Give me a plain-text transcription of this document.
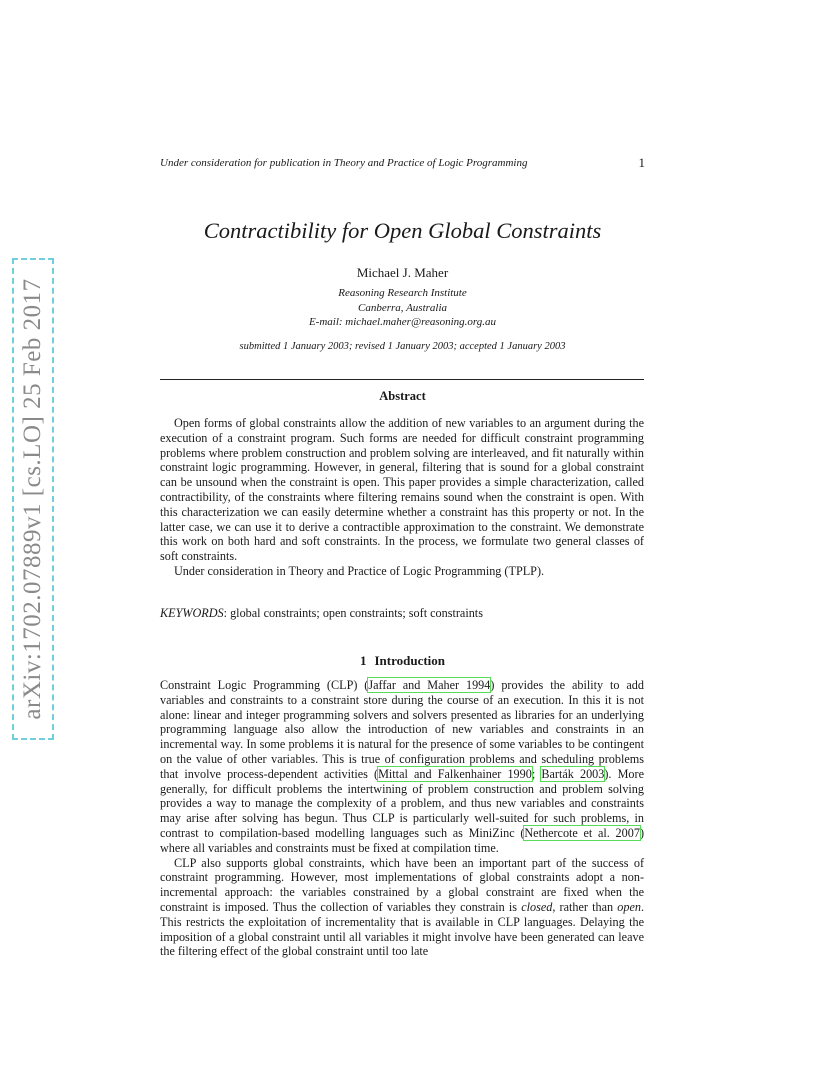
arXiv:1702.07889v1 [cs.LO] 25 Feb 2017
Under consideration for publication in Theory and Practice of Logic Programming	1
Contractibility for Open Global Constraints
Michael J. Maher
Reasoning Research Institute
Canberra, Australia
E-mail: michael.maher@reasoning.org.au
submitted 1 January 2003; revised 1 January 2003; accepted 1 January 2003
Abstract

Open forms of global constraints allow the addition of new variables to an argument during the execution of a constraint program. Such forms are needed for difficult constraint programming problems where problem construction and problem solving are interleaved, and fit naturally within constraint logic programming. However, in general, filtering that is sound for a global constraint can be unsound when the constraint is open. This paper provides a simple characterization, called contractibility, of the constraints where filtering remains sound when the constraint is open. With this characterization we can easily determine whether a constraint has this property or not. In the latter case, we can use it to derive a contractible approximation to the constraint. We demonstrate this work on both hard and soft constraints. In the process, we formulate two general classes of soft constraints.

Under consideration in Theory and Practice of Logic Programming (TPLP).

KEYWORDS: global constraints; open constraints; soft constraints
1 Introduction

Constraint Logic Programming (CLP) (Jaffar and Maher 1994) provides the ability to add variables and constraints to a constraint store during the course of an execution. In this it is not alone: linear and integer programming solvers and solvers presented as libraries for an underlying programming language also allow the introduction of new variables and constraints in an incremental way. In some problems it is natural for the presence of some variables to be contingent on the value of other variables. This is true of configuration problems and scheduling problems that involve process-dependent activities (Mittal and Falkenhainer 1990; Barták 2003). More generally, for difficult problems the intertwining of problem construction and problem solving provides a way to manage the complexity of a problem, and thus new variables and constraints may arise after solving has begun. Thus CLP is particularly well-suited for such problems, in contrast to compilation-based modelling languages such as MiniZinc (Nethercote et al. 2007) where all variables and constraints must be fixed at compilation time.

CLP also supports global constraints, which have been an important part of the success of constraint programming. However, most implementations of global constraints adopt a non-incremental approach: the variables constrained by a global constraint are fixed when the constraint is imposed. Thus the collection of variables they constrain is closed, rather than open. This restricts the exploitation of incrementality that is available in CLP languages. Delaying the imposition of a global constraint until all variables it might involve have been generated can leave the filtering effect of the global constraint until too late
